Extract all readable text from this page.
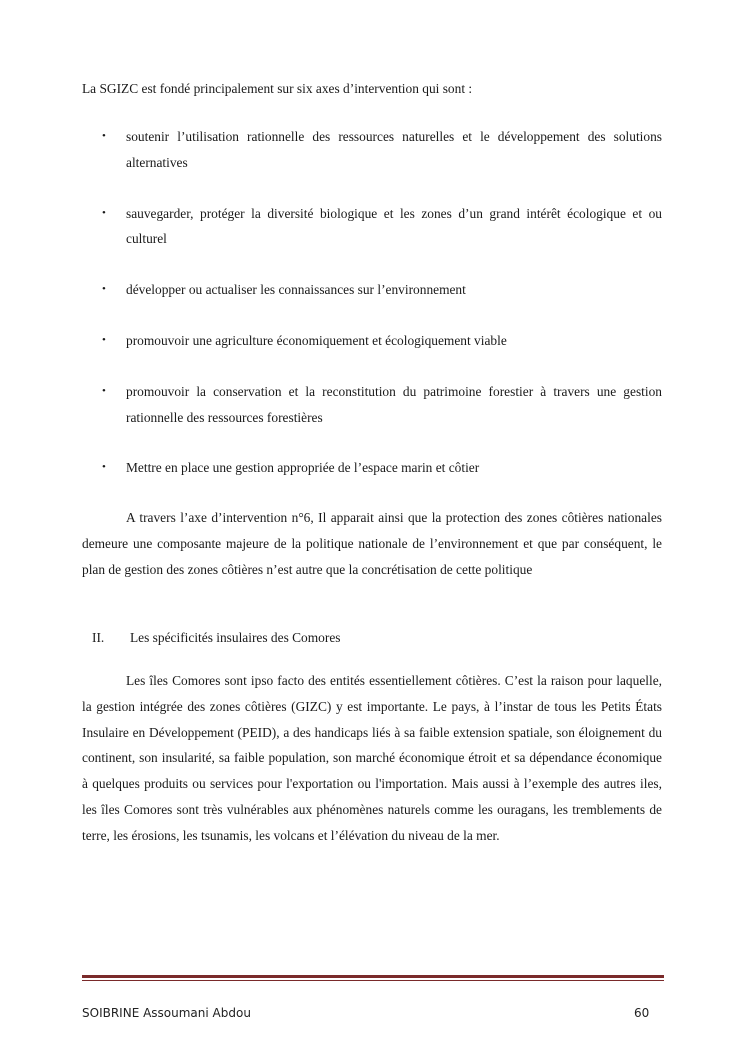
La SGIZC est fondé principalement sur six axes d’intervention qui sont :
• soutenir l’utilisation rationnelle des ressources naturelles et le développement des solutions alternatives
• sauvegarder, protéger la diversité biologique et les zones d’un grand intérêt écologique et ou culturel
• développer ou actualiser les connaissances sur l’environnement
• promouvoir une agriculture économiquement et écologiquement viable
• promouvoir la conservation et la reconstitution du patrimoine forestier à travers une gestion rationnelle des ressources forestières
• Mettre en place une gestion appropriée de l’espace marin et côtier
A travers l’axe d’intervention n°6, Il apparait ainsi que la protection des zones côtières nationales demeure une composante majeure de la politique nationale de l’environnement et que par conséquent, le plan de gestion des zones côtières n’est autre que la concrétisation de cette politique
II. Les spécificités insulaires des Comores
Les îles Comores sont ipso facto des entités essentiellement côtières. C’est la raison pour laquelle, la gestion intégrée des zones côtières (GIZC) y est importante. Le pays, à l’instar de tous les Petits États Insulaire en Développement (PEID), a des handicaps liés à sa faible extension spatiale, son éloignement du continent, son insularité, sa faible population, son marché économique étroit et sa dépendance économique à quelques produits ou services pour l'exportation ou l'importation. Mais aussi à l’exemple des autres iles, les îles Comores sont très vulnérables aux phénomènes naturels comme les ouragans, les tremblements de terre, les érosions, les tsunamis, les volcans et l’élévation du niveau de la mer.
SOIBRINE Assoumani Abdou	60
